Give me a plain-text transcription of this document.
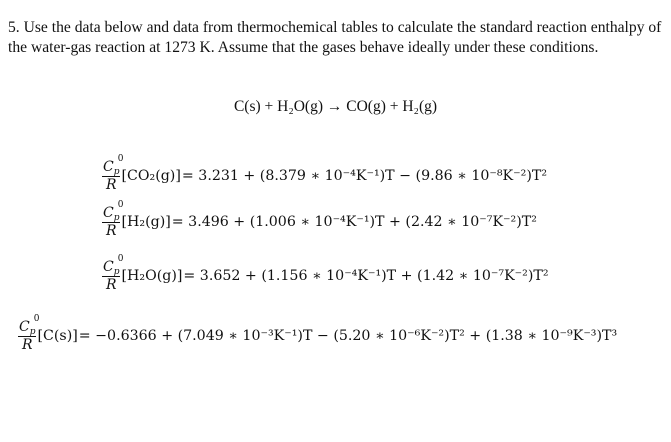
5. Use the data below and data from thermochemical tables to calculate the standard reaction enthalpy of the water-gas reaction at 1273 K. Assume that the gases behave ideally under these conditions.

C(s) + H₂O(g) → CO(g) + H₂(g)
$C_p$
0
R [CO₂(g)] = 3.231 + (8.379 ∗ 10⁻⁴K⁻¹)T − (9.86 ∗ 10⁻⁸K⁻²)T²
$C_p$
0
R [H₂(g)] = 3.496 + (1.006 ∗ 10⁻⁴K⁻¹)T + (2.42 ∗ 10⁻⁷K⁻²)T²
$C_p$
0
R [H₂O(g)] = 3.652 + (1.156 ∗ 10⁻⁴K⁻¹)T + (1.42 ∗ 10⁻⁷K⁻²)T²
$C_p$
0
R [C(s)] = −0.6366 + (7.049 ∗ 10⁻³K⁻¹)T − (5.20 ∗ 10⁻⁶K⁻²)T² + (1.38 ∗ 10⁻⁹K⁻³)T³
